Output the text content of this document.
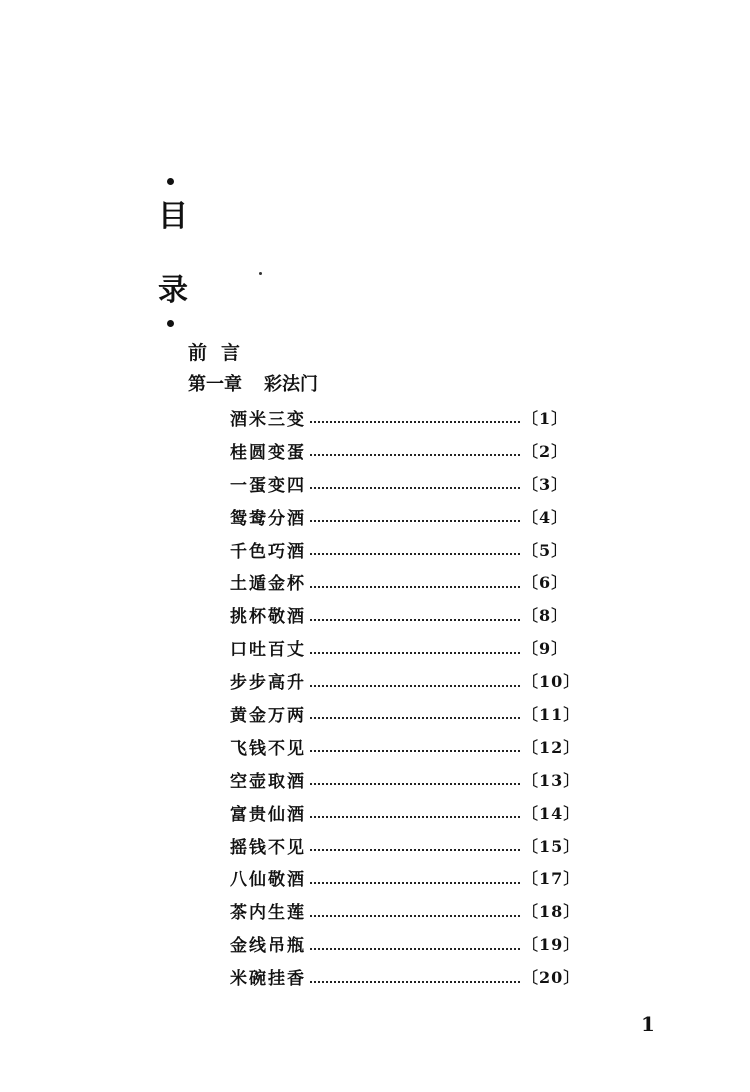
目
录
前言
第一章 彩法门
酒米三变	〔1〕
桂圆变蛋	〔2〕
一蛋变四	〔3〕
鸳鸯分酒	〔4〕
千色巧酒	〔5〕
土遁金杯	〔6〕
挑杯敬酒	〔8〕
口吐百丈	〔9〕
步步高升	〔10〕
黄金万两	〔11〕
飞钱不见	〔12〕
空壶取酒	〔13〕
富贵仙酒	〔14〕
摇钱不见	〔15〕
八仙敬酒	〔17〕
茶内生莲	〔18〕
金线吊瓶	〔19〕
米碗挂香	〔20〕
1
